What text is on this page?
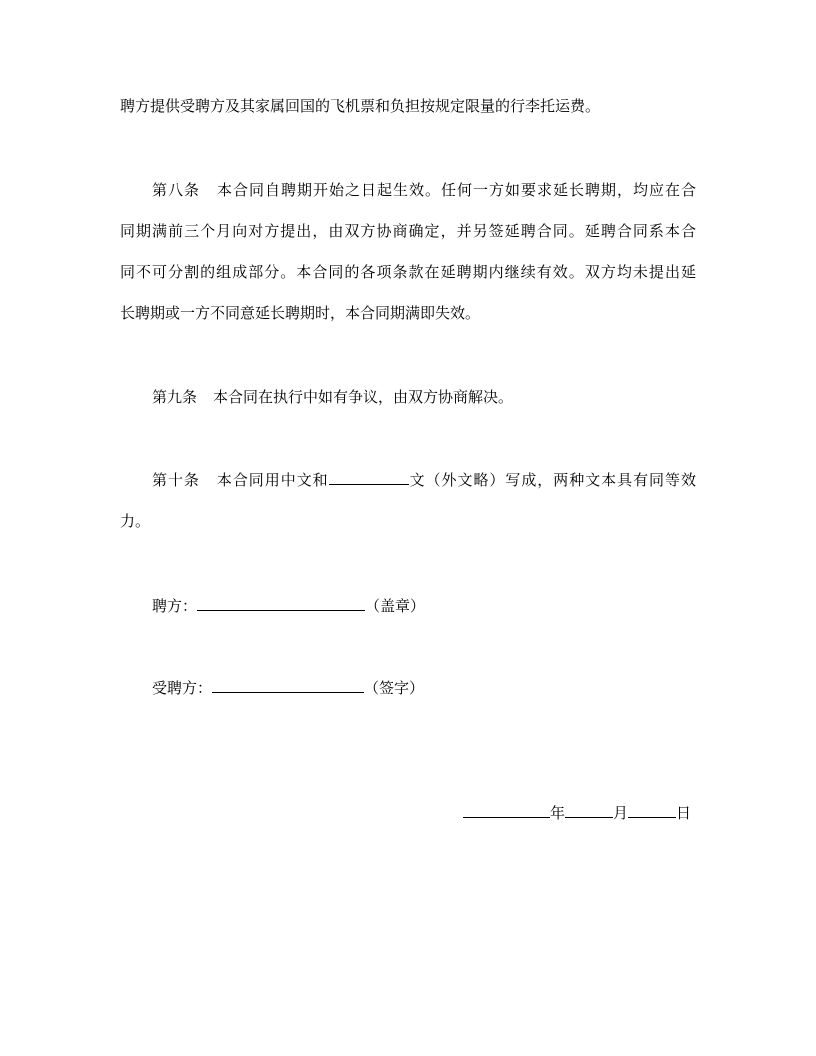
聘方提供受聘方及其家属回国的飞机票和负担按规定限量的行李托运费。
第八条 本合同自聘期开始之日起生效。任何一方如要求延长聘期，均应在合
同期满前三个月向对方提出，由双方协商确定，并另签延聘合同。延聘合同系本合
同不可分割的组成部分。本合同的各项条款在延聘期内继续有效。双方均未提出延
长聘期或一方不同意延长聘期时，本合同期满即失效。
第九条 本合同在执行中如有争议，由双方协商解决。
第十条 本合同用中文和	文（外文略）写成，两种文本具有同等效
力。
聘方：	（盖章）
受聘方：	（签字）
年	月	日
